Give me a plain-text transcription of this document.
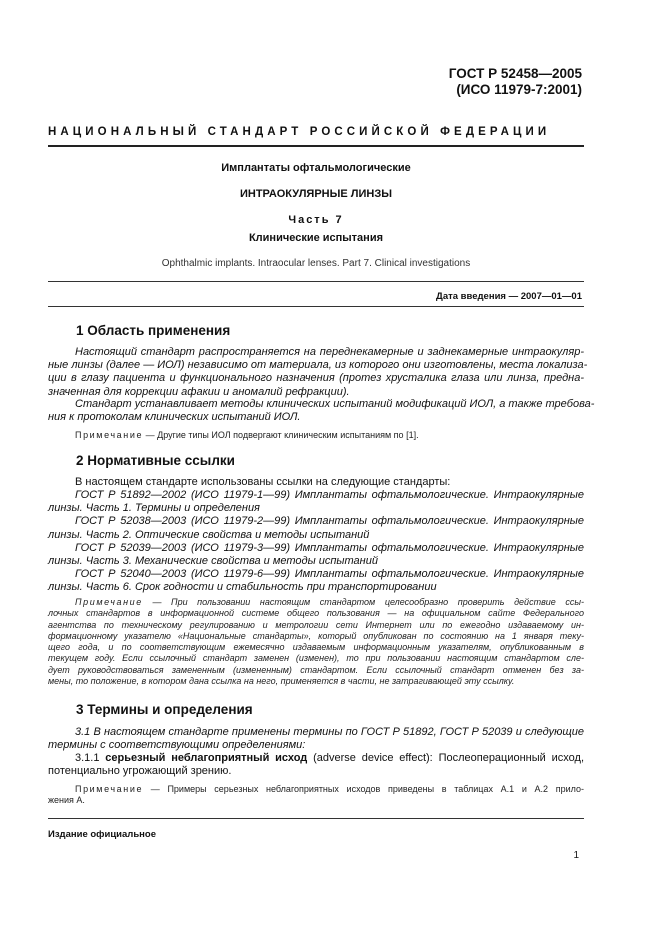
ГОСТ Р 52458—2005
(ИСО 11979-7:2001)
НАЦИОНАЛЬНЫЙ СТАНДАРТ РОССИЙСКОЙ ФЕДЕРАЦИИ
Имплантаты офтальмологические
ИНТРАОКУЛЯРНЫЕ ЛИНЗЫ
Часть 7
Клинические испытания
Ophthalmic implants. Intraocular lenses. Part 7. Clinical investigations
Дата введения — 2007—01—01
1 Область применения
Настоящий стандарт распространяется на переднекамерные и заднекамерные интраокуляр-
ные линзы (далее — ИОЛ) независимо от материала, из которого они изготовлены, места локализа-
ции в глазу пациента и функционального назначения (протез хрусталика глаза или линза, предна-
значенная для коррекции афакии и аномалий рефракции).
Стандарт устанавливает методы клинических испытаний модификаций ИОЛ, а также требова-
ния к протоколам клинических испытаний ИОЛ.
Примечание — Другие типы ИОЛ подвергают клиническим испытаниям по [1].
2 Нормативные ссылки
В настоящем стандарте использованы ссылки на следующие стандарты:
ГОСТ Р 51892—2002 (ИСО 11979-1—99) Имплантаты офтальмологические. Интраокулярные
линзы. Часть 1. Термины и определения
ГОСТ Р 52038—2003 (ИСО 11979-2—99) Имплантаты офтальмологические. Интраокулярные
линзы. Часть 2. Оптические свойства и методы испытаний
ГОСТ Р 52039—2003 (ИСО 11979-3—99) Имплантаты офтальмологические. Интраокулярные
линзы. Часть 3. Механические свойства и методы испытаний
ГОСТ Р 52040—2003 (ИСО 11979-6—99) Имплантаты офтальмологические. Интраокулярные
линзы. Часть 6. Срок годности и стабильность при транспортировании
Примечание — При пользовании настоящим стандартом целесообразно проверить действие ссы-
лочных стандартов в информационной системе общего пользования — на официальном сайте Федерального
агентства по техническому регулированию и метрологии сети Интернет или по ежегодно издаваемому ин-
формационному указателю «Национальные стандарты», который опубликован по состоянию на 1 января теку-
щего года, и по соответствующим ежемесячно издаваемым информационным указателям, опубликованным в
текущем году. Если ссылочный стандарт заменен (изменен), то при пользовании настоящим стандартом сле-
дует руководствоваться замененным (измененным) стандартом. Если ссылочный стандарт отменен без за-
мены, то положение, в котором дана ссылка на него, применяется в части, не затрагивающей эту ссылку.
3 Термины и определения
3.1 В настоящем стандарте применены термины по ГОСТ Р 51892, ГОСТ Р 52039 и следующие
термины с соответствующими определениями:
3.1.1 серьезный неблагоприятный исход (adverse device effect): Послеоперационный исход,
потенциально угрожающий зрению.
Примечание — Примеры серьезных неблагоприятных исходов приведены в таблицах А.1 и А.2 прило-
жения А.
Издание официальное
1
